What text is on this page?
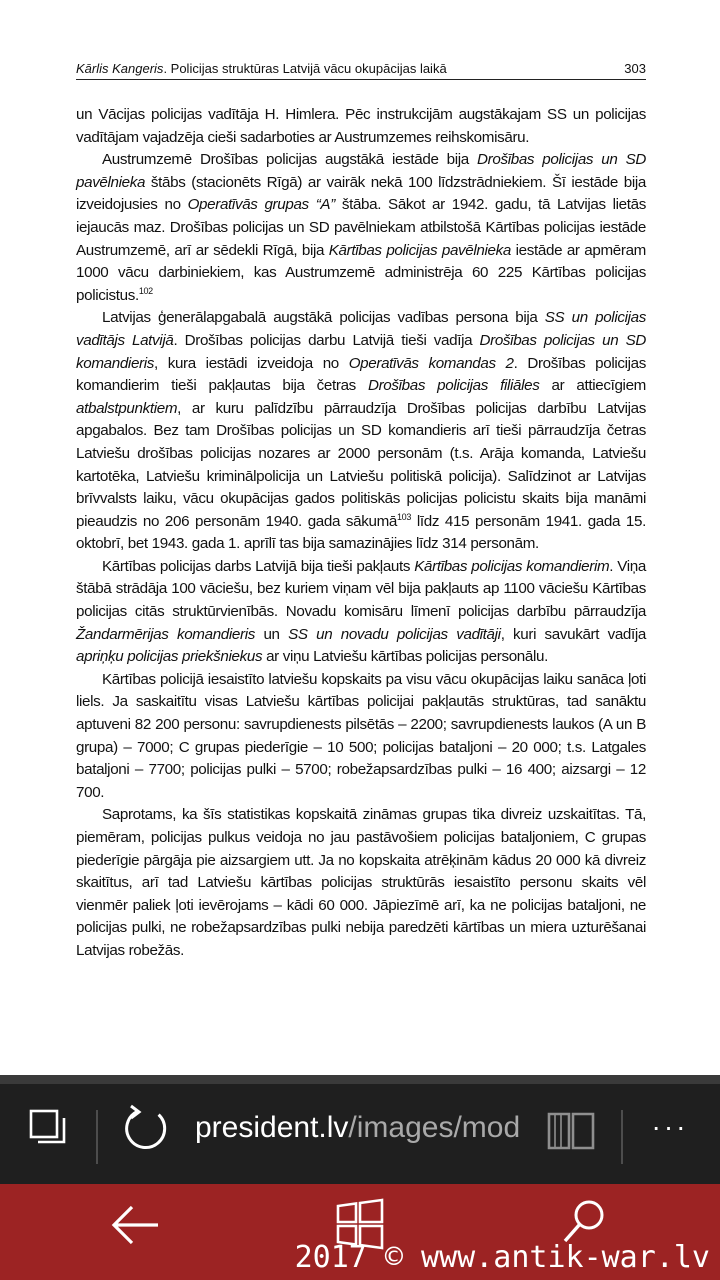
Kārlis Kangeris. Policijas struktūras Latvijā vācu okupācijas laikā	303

un Vācijas policijas vadītāja H. Himlera. Pēc instrukcijām augstākajam SS un policijas vadītājam vajadzēja cieši sadarboties ar Austrumzemes reihskomisāru.

Austrumzemē Drošības policijas augstākā iestāde bija Drošības policijas un SD pavēlnieka štābs (stacionēts Rīgā) ar vairāk nekā 100 līdzstrādniekiem. Šī iestāde bija izveidojusies no Operatīvās grupas “A” štāba. Sākot ar 1942. gadu, tā Latvijas lietās iejaucās maz. Drošības policijas un SD pavēlniekam atbilstošā Kārtības policijas iestāde Austrumzemē, arī ar sēdekli Rīgā, bija Kārtības policijas pavēlnieka iestāde ar apmēram 1000 vācu darbiniekiem, kas Austrumzemē administrēja 60 225 Kārtības policijas policistus.$^{102}$

Latvijas ģenerālapgabalā augstākā policijas vadības persona bija SS un policijas vadītājs Latvijā. Drošības policijas darbu Latvijā tieši vadīja Drošības policijas un SD komandieris, kura iestādi izveidoja no Operatīvās komandas 2. Drošības policijas komandierim tieši pakļautas bija četras Drošības policijas filiāles ar attiecīgiem atbalstpunktiem, ar kuru palīdzību pārraudzīja Drošības policijas darbību Latvijas apgabalos. Bez tam Drošības policijas un SD komandieris arī tieši pārraudzīja četras Latviešu drošības policijas nozares ar 2000 personām (t.s. Arāja komanda, Latviešu kartotēka, Latviešu kriminālpolicija un Latviešu politiskā policija). Salīdzinot ar Latvijas brīvvalsts laiku, vācu okupācijas gados politiskās policijas policistu skaits bija manāmi pieaudzis no 206 personām 1940. gada sākumā$^{103}$ līdz 415 personām 1941. gada 15. oktobrī, bet 1943. gada 1. aprīlī tas bija samazinājies līdz 314 personām.

Kārtības policijas darbs Latvijā bija tieši pakļauts Kārtības policijas komandierim. Viņa štābā strādāja 100 vāciešu, bez kuriem viņam vēl bija pakļauts ap 1100 vāciešu Kārtības policijas citās struktūrvienībās. Novadu komisāru līmenī policijas darbību pārraudzīja Žandarmērijas komandieris un SS un novadu policijas vadītāji, kuri savukārt vadīja apriņķu policijas priekšniekus ar viņu Latviešu kārtības policijas personālu.

Kārtības policijā iesaistīto latviešu kopskaits pa visu vācu okupācijas laiku sanāca ļoti liels. Ja saskaitītu visas Latviešu kārtības policijai pakļautās struktūras, tad sanāktu aptuveni 82 200 personu: savrupdienests pilsētās – 2200; savrupdienests laukos (A un B grupa) – 7000; C grupas piederīgie – 10 500; policijas bataljoni – 20 000; t.s. Latgales bataljoni – 7700; policijas pulki – 5700; robežapsardzības pulki – 16 400; aizsargi – 12 700.

Saprotams, ka šīs statistikas kopskaitā zināmas grupas tika divreiz uzskaitītas. Tā, piemēram, policijas pulkus veidoja no jau pastāvošiem policijas bataljoniem, C grupas piederīgie pārgāja pie aizsargiem utt. Ja no kopskaita atrēķinām kādus 20 000 kā divreiz skaitītus, arī tad Latviešu kārtības policijas struktūrās iesaistīto personu skaits vēl vienmēr paliek ļoti ievērojams – kādi 60 000. Jāpiezīmē arī, ka ne policijas bataljoni, ne policijas pulki, ne robežapsardzības pulki nebija paredzēti kārtības un miera uzturēšanai Latvijas robežās.

president.lv/images/mod	···
2017 © www.antik-war.lv
